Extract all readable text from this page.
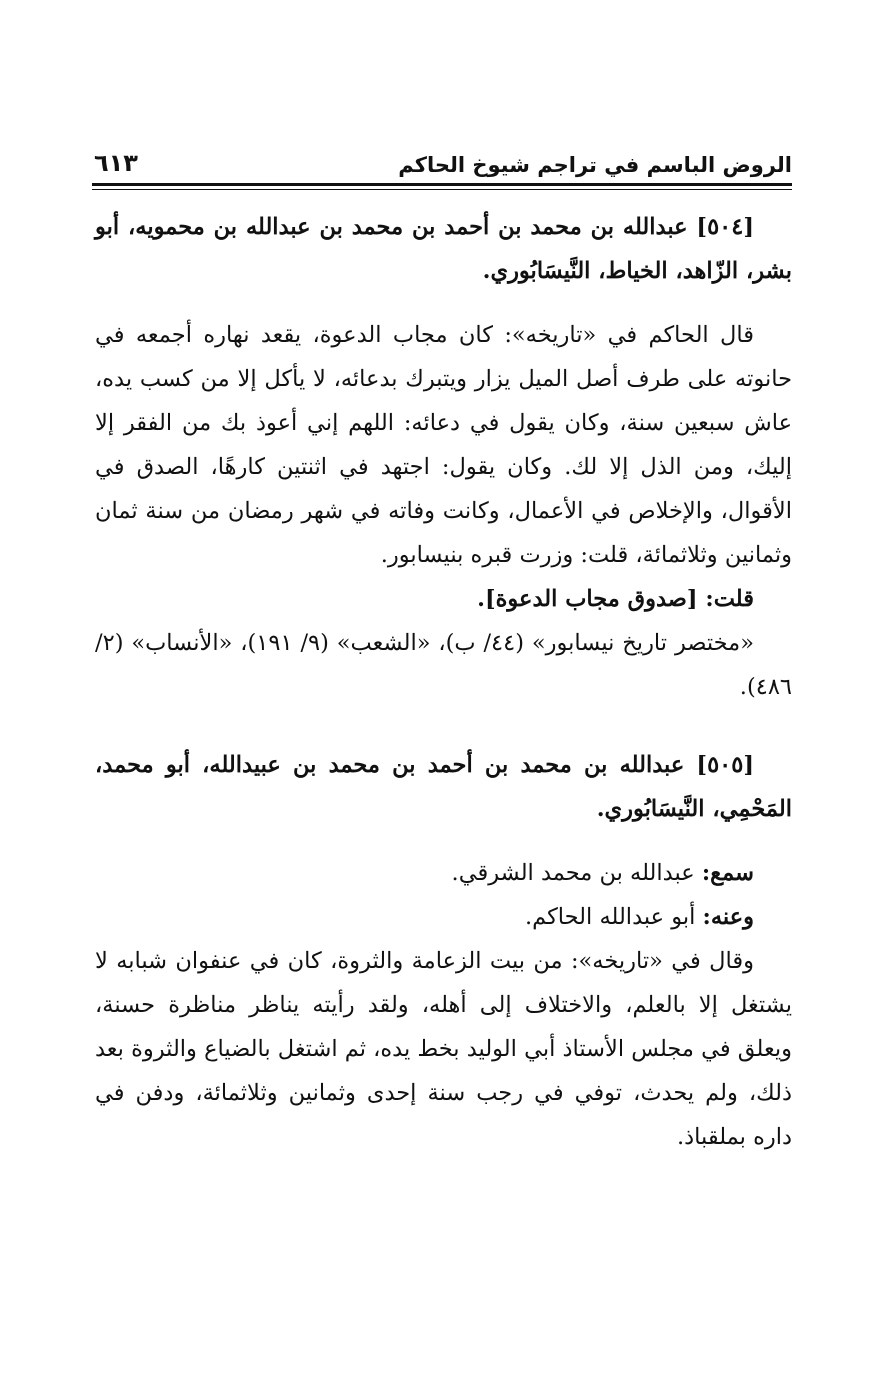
الروض الباسم في تراجم شيوخ الحاكم
٦١٣

[٥٠٤] عبدالله بن محمد بن أحمد بن محمد بن عبدالله بن محمويه، أبو بشر، الزّاهد، الخياط، النَّيسَابُوري.

قال الحاكم في «تاريخه»: كان مجاب الدعوة، يقعد نهاره أجمعه في حانوته على طرف أصل الميل يزار ويتبرك بدعائه، لا يأكل إلا من كسب يده، عاش سبعين سنة، وكان يقول في دعائه: اللهم إني أعوذ بك من الفقر إلا إليك، ومن الذل إلا لك. وكان يقول: اجتهد في اثنتين كارهًا، الصدق في الأقوال، والإخلاص في الأعمال، وكانت وفاته في شهر رمضان من سنة ثمان وثمانين وثلاثمائة، قلت: وزرت قبره بنيسابور.

قلت: [صدوق مجاب الدعوة].

«مختصر تاريخ نيسابور» (٤٤/ ب)، «الشعب» (٩/ ١٩١)، «الأنساب» (٢/ ٤٨٦).

[٥٠٥] عبدالله بن محمد بن أحمد بن محمد بن عبيدالله، أبو محمد، المَحْمِي، النَّيسَابُوري.

سمع: عبدالله بن محمد الشرقي.

وعنه: أبو عبدالله الحاكم.

وقال في «تاريخه»: من بيت الزعامة والثروة، كان في عنفوان شبابه لا يشتغل إلا بالعلم، والاختلاف إلى أهله، ولقد رأيته يناظر مناظرة حسنة، ويعلق في مجلس الأستاذ أبي الوليد بخط يده، ثم اشتغل بالضياع والثروة بعد ذلك، ولم يحدث، توفي في رجب سنة إحدى وثمانين وثلاثمائة، ودفن في داره بملقباذ.
